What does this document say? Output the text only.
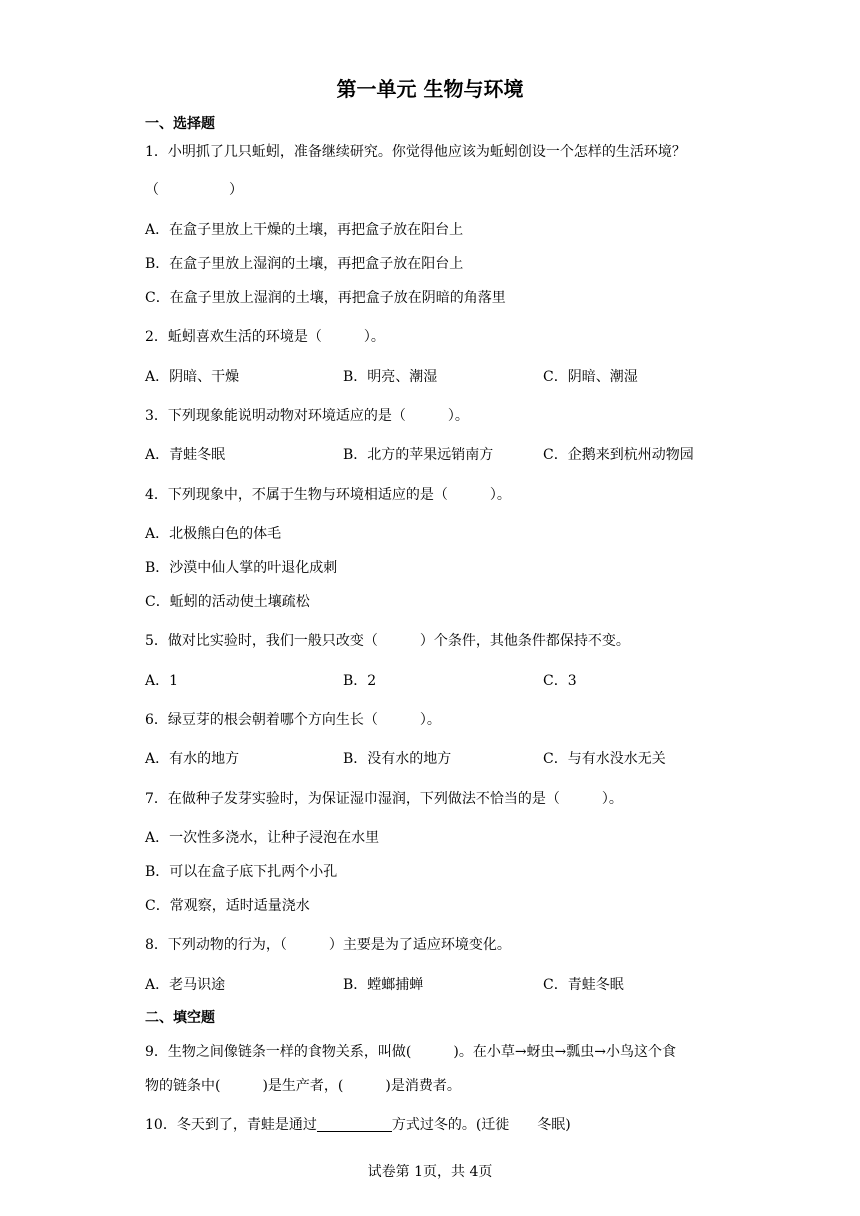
第一单元 生物与环境
一、选择题
1．小明抓了几只蚯蚓，准备继续研究。你觉得他应该为蚯蚓创设一个怎样的生活环境？
（　　　　　）
A．在盒子里放上干燥的土壤，再把盒子放在阳台上
B．在盒子里放上湿润的土壤，再把盒子放在阳台上
C．在盒子里放上湿润的土壤，再把盒子放在阴暗的角落里
2．蚯蚓喜欢生活的环境是（　　　）。
A．阴暗、干燥	B．明亮、潮湿	C．阴暗、潮湿
3．下列现象能说明动物对环境适应的是（　　　）。
A．青蛙冬眠	B．北方的苹果远销南方	C．企鹅来到杭州动物园
4．下列现象中，不属于生物与环境相适应的是（　　　）。
A．北极熊白色的体毛
B．沙漠中仙人掌的叶退化成刺
C．蚯蚓的活动使土壤疏松
5．做对比实验时，我们一般只改变（　　　）个条件，其他条件都保持不变。
A．1	B．2	C．3
6．绿豆芽的根会朝着哪个方向生长（　　　）。
A．有水的地方	B．没有水的地方	C．与有水没水无关
7．在做种子发芽实验时，为保证湿巾湿润，下列做法不恰当的是（　　　）。
A．一次性多浇水，让种子浸泡在水里
B．可以在盒子底下扎两个小孔
C．常观察，适时适量浇水
8．下列动物的行为，（　　　）主要是为了适应环境变化。
A．老马识途	B．螳螂捕蝉	C．青蛙冬眠
二、填空题
9．生物之间像链条一样的食物关系，叫做(　　　)。在小草→蚜虫→瓢虫→小鸟这个食
物的链条中(　　　)是生产者，(　　　)是消费者。
10．冬天到了，青蛙是通过	方式过冬的。(迁徙　　冬眠)
试卷第 1页，共 4页
